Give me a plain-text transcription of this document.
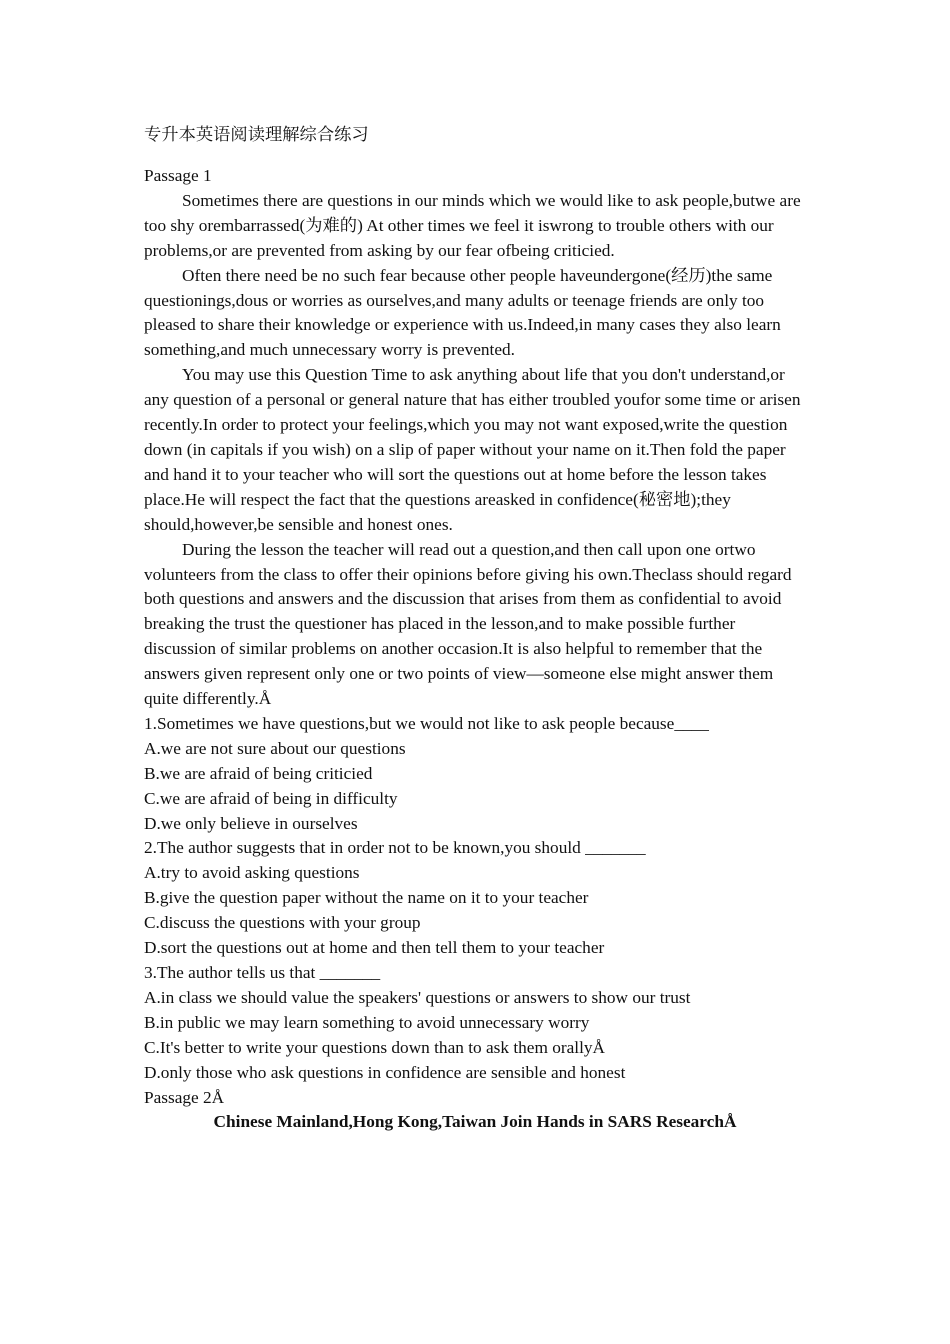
专升本英语阅读理解综合练习

Passage 1

Sometimes there are questions in our minds which we would like to ask people,butwe are too shy orembarrassed(为难的) At other times we feel it iswrong to trouble others with our problems,or are prevented from asking by our fear ofbeing criticied.

Often there need be no such fear because other people haveundergone(经历)the same questionings,dous or worries as ourselves,and many adults or teenage friends are only too pleased to share their knowledge or experience with us.Indeed,in many cases they also learn something,and much unnecessary worry is prevented.

You may use this Question Time to ask anything about life that you don't understand,or any question of a personal or general nature that has either troubled youfor some time or arisen recently.In order to protect your feelings,which you may not want exposed,write the question down (in capitals if you wish) on a slip of paper without your name on it.Then fold the paper and hand it to your teacher who will sort the questions out at home before the lesson takes place.He will respect the fact that the questions areasked in confidence(秘密地);they should,however,be sensible and honest ones.

During the lesson the teacher will read out a question,and then call upon one ortwo volunteers from the class to offer their opinions before giving his own.Theclass should regard both questions and answers and the discussion that arises from them as confidential to avoid breaking the trust the questioner has placed in the lesson,and to make possible further discussion of similar problems on another occasion.It is also helpful to remember that the answers given represent only one or two points of view—someone else might answer them quite differently.Å

1.Sometimes we have questions,but we would not like to ask people because____

A.we are not sure about our questions

B.we are afraid of being criticied

C.we are afraid of being in difficulty

D.we only believe in ourselves

2.The author suggests that in order not to be known,you should _______

A.try to avoid asking questions

B.give the question paper without the name on it to your teacher

C.discuss the questions with your group

D.sort the questions out at home and then tell them to your teacher

3.The author tells us that _______

A.in class we should value the speakers' questions or answers to show our trust

B.in public we may learn something to avoid unnecessary worry

C.It's better to write your questions down than to ask them orallyÅ

D.only those who ask questions in confidence are sensible and honest

Passage 2Å

Chinese Mainland,Hong Kong,Taiwan Join Hands in SARS ResearchÅ
